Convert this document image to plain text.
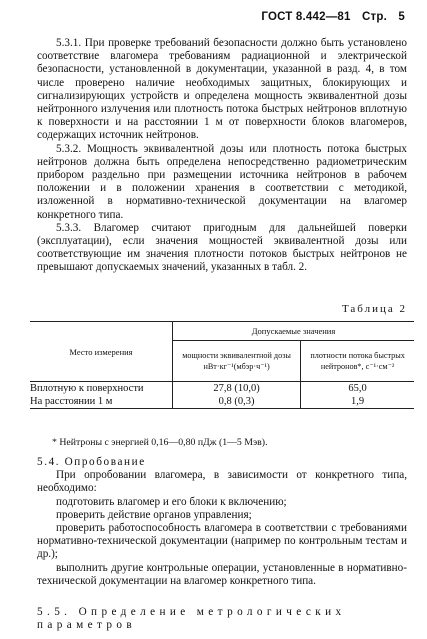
ГОСТ 8.442—81 Стр. 5

5.3.1. При проверке требований безопасности должно быть установлено соответствие влагомера требованиям радиационной и электрической безопасности, установленной в документации, указанной в разд. 4, в том числе проверено наличие необходимых защитных, блокирующих и сигнализирующих устройств и определена мощность эквивалентной дозы нейтронного излучения или плотность потока быстрых нейтронов вплотную к поверхности и на расстоянии 1 м от поверхности блоков влагомеров, содержащих источник нейтронов.

5.3.2. Мощность эквивалентной дозы или плотность потока быстрых нейтронов должна быть определена непосредственно радиометрическим прибором раздельно при размещении источника нейтронов в рабочем положении и в положении хранения в соответствии с методикой, изложенной в нормативно-технической документации на влагомер конкретного типа.

5.3.3. Влагомер считают пригодным для дальнейшей поверки (эксплуатации), если значения мощностей эквивалентной дозы или соответствующие им значения плотности потоков быстрых нейтронов не превышают допускаемых значений, указанных в табл. 2.

Таблица 2
Место измерения	Допускаемые значения	
	мощности эквивалентной дозы нВт·кг⁻¹(мбэр·ч⁻¹)	плотности потока быстрых нейтронов*, с⁻¹·см⁻²
Вплотную к поверхности	27,8 (10,0)	65,0
На расстоянии 1 м	0,8 (0,3)	1,9
* Нейтроны с энергией 0,16—0,80 пДж (1—5 Мэв).

5.4. Опробование

При опробовании влагомера, в зависимости от конкретного типа, необходимо:

подготовить влагомер и его блоки к включению;

проверить действие органов управления;

проверить работоспособность влагомера в соответствии с требованиями нормативно-технической документации (например по контрольным тестам и др.);

выполнить другие контрольные операции, установленные в нормативно-технической документации на влагомер конкретного типа.

5.5. Определение метрологических параметров
